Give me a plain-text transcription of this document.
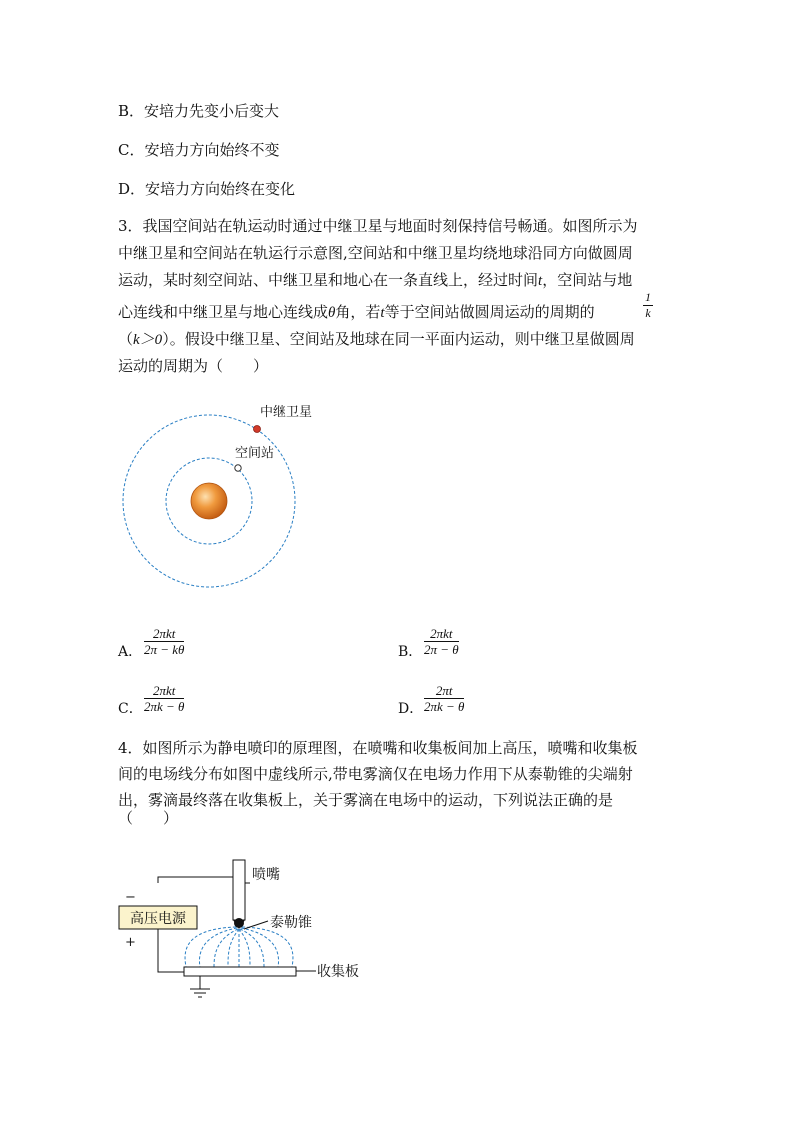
B．安培力先变小后变大
C．安培力方向始终不变
D．安培力方向始终在变化
3．我国空间站在轨运动时通过中继卫星与地面时刻保持信号畅通。如图所示为
中继卫星和空间站在轨运行示意图,空间站和中继卫星均绕地球沿同方向做圆周
运动，某时刻空间站、中继卫星和地心在一条直线上，经过时间t，空间站与地
心连线和中继卫星与地心连线成θ角，若t等于空间站做圆周运动的周期的	$\frac{1}{k}$
（k＞0）。假设中继卫星、空间站及地球在同一平面内运动，则中继卫星做圆周
运动的周期为（　　）
中继卫星
空间站
A．
2πkt
2π − kθ	B．
2πkt
2π − θ
C．
2πkt
2πk − θ	D． $\frac{2\pi t}{2\pi k - \theta}$
4．如图所示为静电喷印的原理图，在喷嘴和收集板间加上高压，喷嘴和收集板
间的电场线分布如图中虚线所示,带电雾滴仅在电场力作用下从泰勒锥的尖端射
出，雾滴最终落在收集板上，关于雾滴在电场中的运动，下列说法正确的是
（　　）
高压电源
−
+
喷嘴
泰勒锥
收集板
